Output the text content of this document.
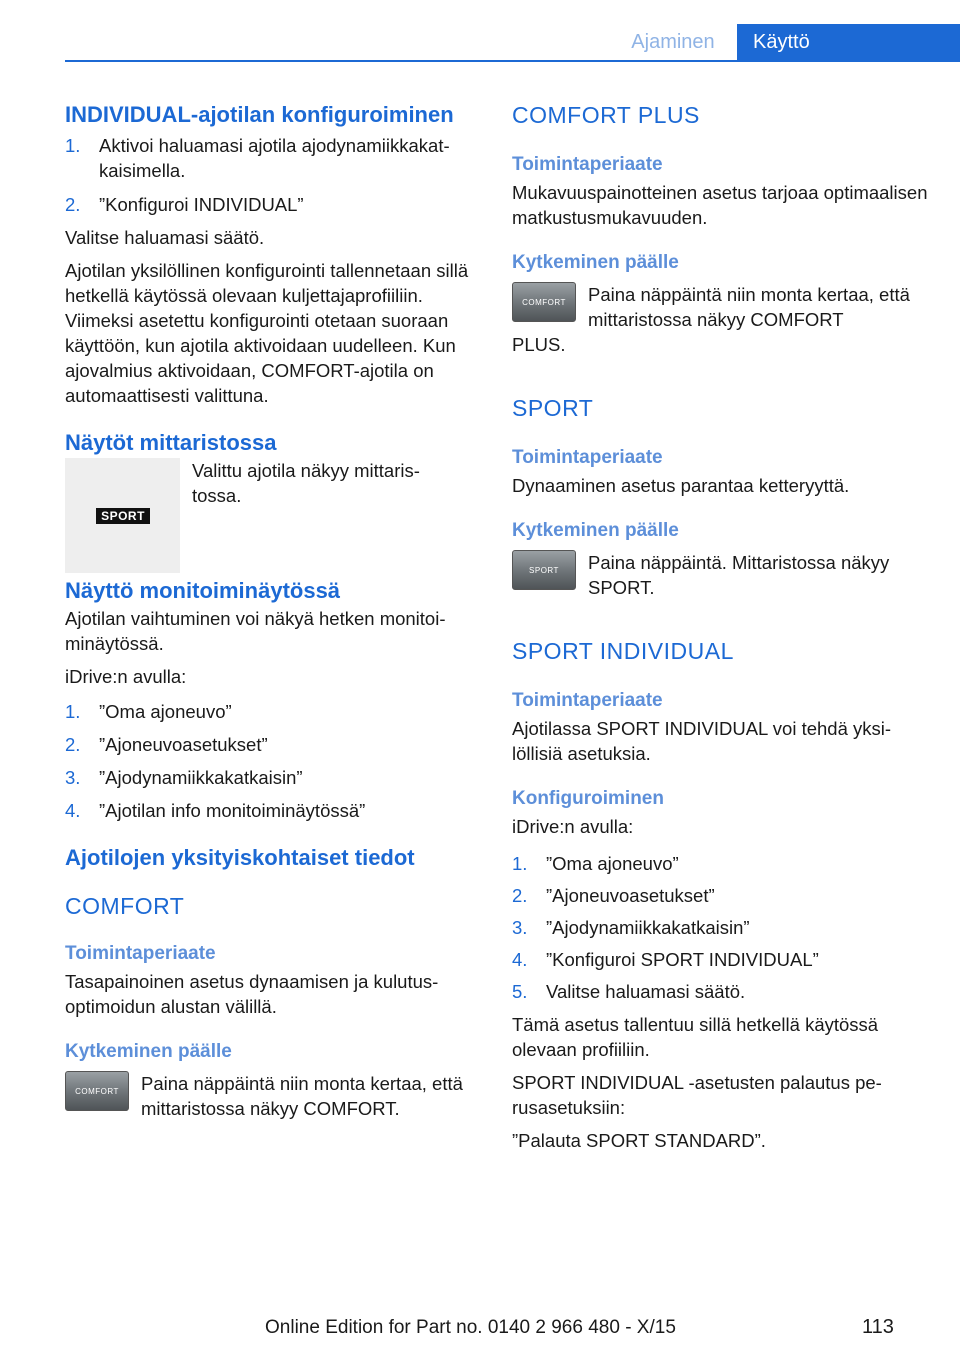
Ajaminen	Käyttö
INDIVIDUAL-ajotilan konfiguroiminen
1.	Aktivoi haluamasi ajotila ajodynamiikkakatkaisimella.
2.	”Konfiguroi INDIVIDUAL”

Valitse haluamasi säätö.

Ajotilan yksilöllinen konfigurointi tallennetaan sillä hetkellä käytössä olevaan kuljettajaprofiiliin. Viimeksi asetettu konfigurointi otetaan suoraan käyttöön, kun ajotila aktivoidaan uudelleen. Kun ajovalmius aktivoidaan, COMFORT-ajotila on automaattisesti valittuna.

Näytöt mittaristossa
SPORT

Valittu ajotila näkyy mittaristossa.

Näyttö monitoiminäytössä

Ajotilan vaihtuminen voi näkyä hetken monitoiminäytössä.

iDrive:n avulla:

1.	”Oma ajoneuvo”
2.	”Ajoneuvoasetukset”
3.	”Ajodynamiikkakatkaisin”
4.	”Ajotilan info monitoiminäytössä”
Ajotilojen yksityiskohtaiset tiedot
COMFORT
Toimintaperiaate

Tasapainoinen asetus dynaamisen ja kulutusoptimoidun alustan välillä.

Kytkeminen päälle
COMFORT	Paina näppäintä niin monta kertaa, että mittaristossa näkyy COMFORT.

COMFORT PLUS
Toimintaperiaate

Mukavuuspainotteinen asetus tarjoaa optimaalisen matkustusmukavuuden.

Kytkeminen päälle
COMFORT	Paina näppäintä niin monta kertaa, että mittaristossa näkyy COMFORT

PLUS.

SPORT
Toimintaperiaate

Dynaaminen asetus parantaa ketteryyttä.

Kytkeminen päälle
SPORT	Paina näppäintä. Mittaristossa näkyy SPORT.

SPORT INDIVIDUAL
Toimintaperiaate

Ajotilassa SPORT INDIVIDUAL voi tehdä yksilöllisiä asetuksia.

Konfiguroiminen

iDrive:n avulla:

1.	”Oma ajoneuvo”
2.	”Ajoneuvoasetukset”
3.	”Ajodynamiikkakatkaisin”
4.	”Konfiguroi SPORT INDIVIDUAL”
5.	Valitse haluamasi säätö.

Tämä asetus tallentuu sillä hetkellä käytössä olevaan profiiliin.

SPORT INDIVIDUAL -asetusten palautus perusasetuksiin:

”Palauta SPORT STANDARD”.

Online Edition for Part no. 0140 2 966 480 - X/15	113
